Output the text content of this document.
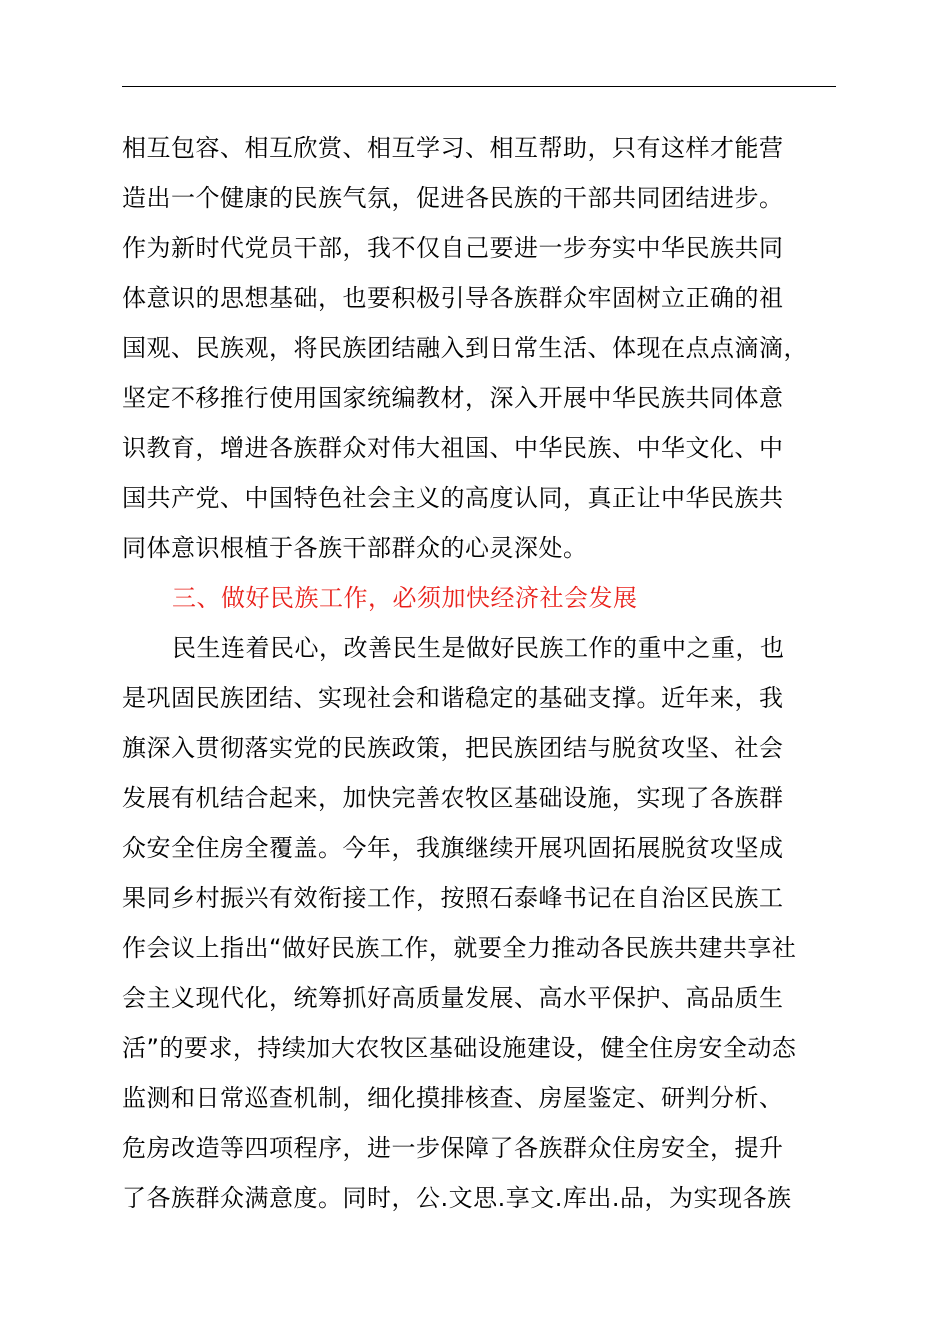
相互包容、相互欣赏、相互学习、相互帮助，只有这样才能营
造出一个健康的民族气氛，促进各民族的干部共同团结进步。
作为新时代党员干部，我不仅自己要进一步夯实中华民族共同
体意识的思想基础，也要积极引导各族群众牢固树立正确的祖
国观、民族观，将民族团结融入到日常生活、体现在点点滴滴，
坚定不移推行使用国家统编教材，深入开展中华民族共同体意
识教育，增进各族群众对伟大祖国、中华民族、中华文化、中
国共产党、中国特色社会主义的高度认同，真正让中华民族共
同体意识根植于各族干部群众的心灵深处。
三、做好民族工作，必须加快经济社会发展
民生连着民心，改善民生是做好民族工作的重中之重，也
是巩固民族团结、实现社会和谐稳定的基础支撑。近年来，我
旗深入贯彻落实党的民族政策，把民族团结与脱贫攻坚、社会
发展有机结合起来，加快完善农牧区基础设施，实现了各族群
众安全住房全覆盖。今年，我旗继续开展巩固拓展脱贫攻坚成
果同乡村振兴有效衔接工作，按照石泰峰书记在自治区民族工
作会议上指出“做好民族工作，就要全力推动各民族共建共享社
会主义现代化，统筹抓好高质量发展、高水平保护、高品质生
活”的要求，持续加大农牧区基础设施建设，健全住房安全动态
监测和日常巡查机制，细化摸排核查、房屋鉴定、研判分析、
危房改造等四项程序，进一步保障了各族群众住房安全，提升
了各族群众满意度。同时，公.文思.享文.库出.品，为实现各族
